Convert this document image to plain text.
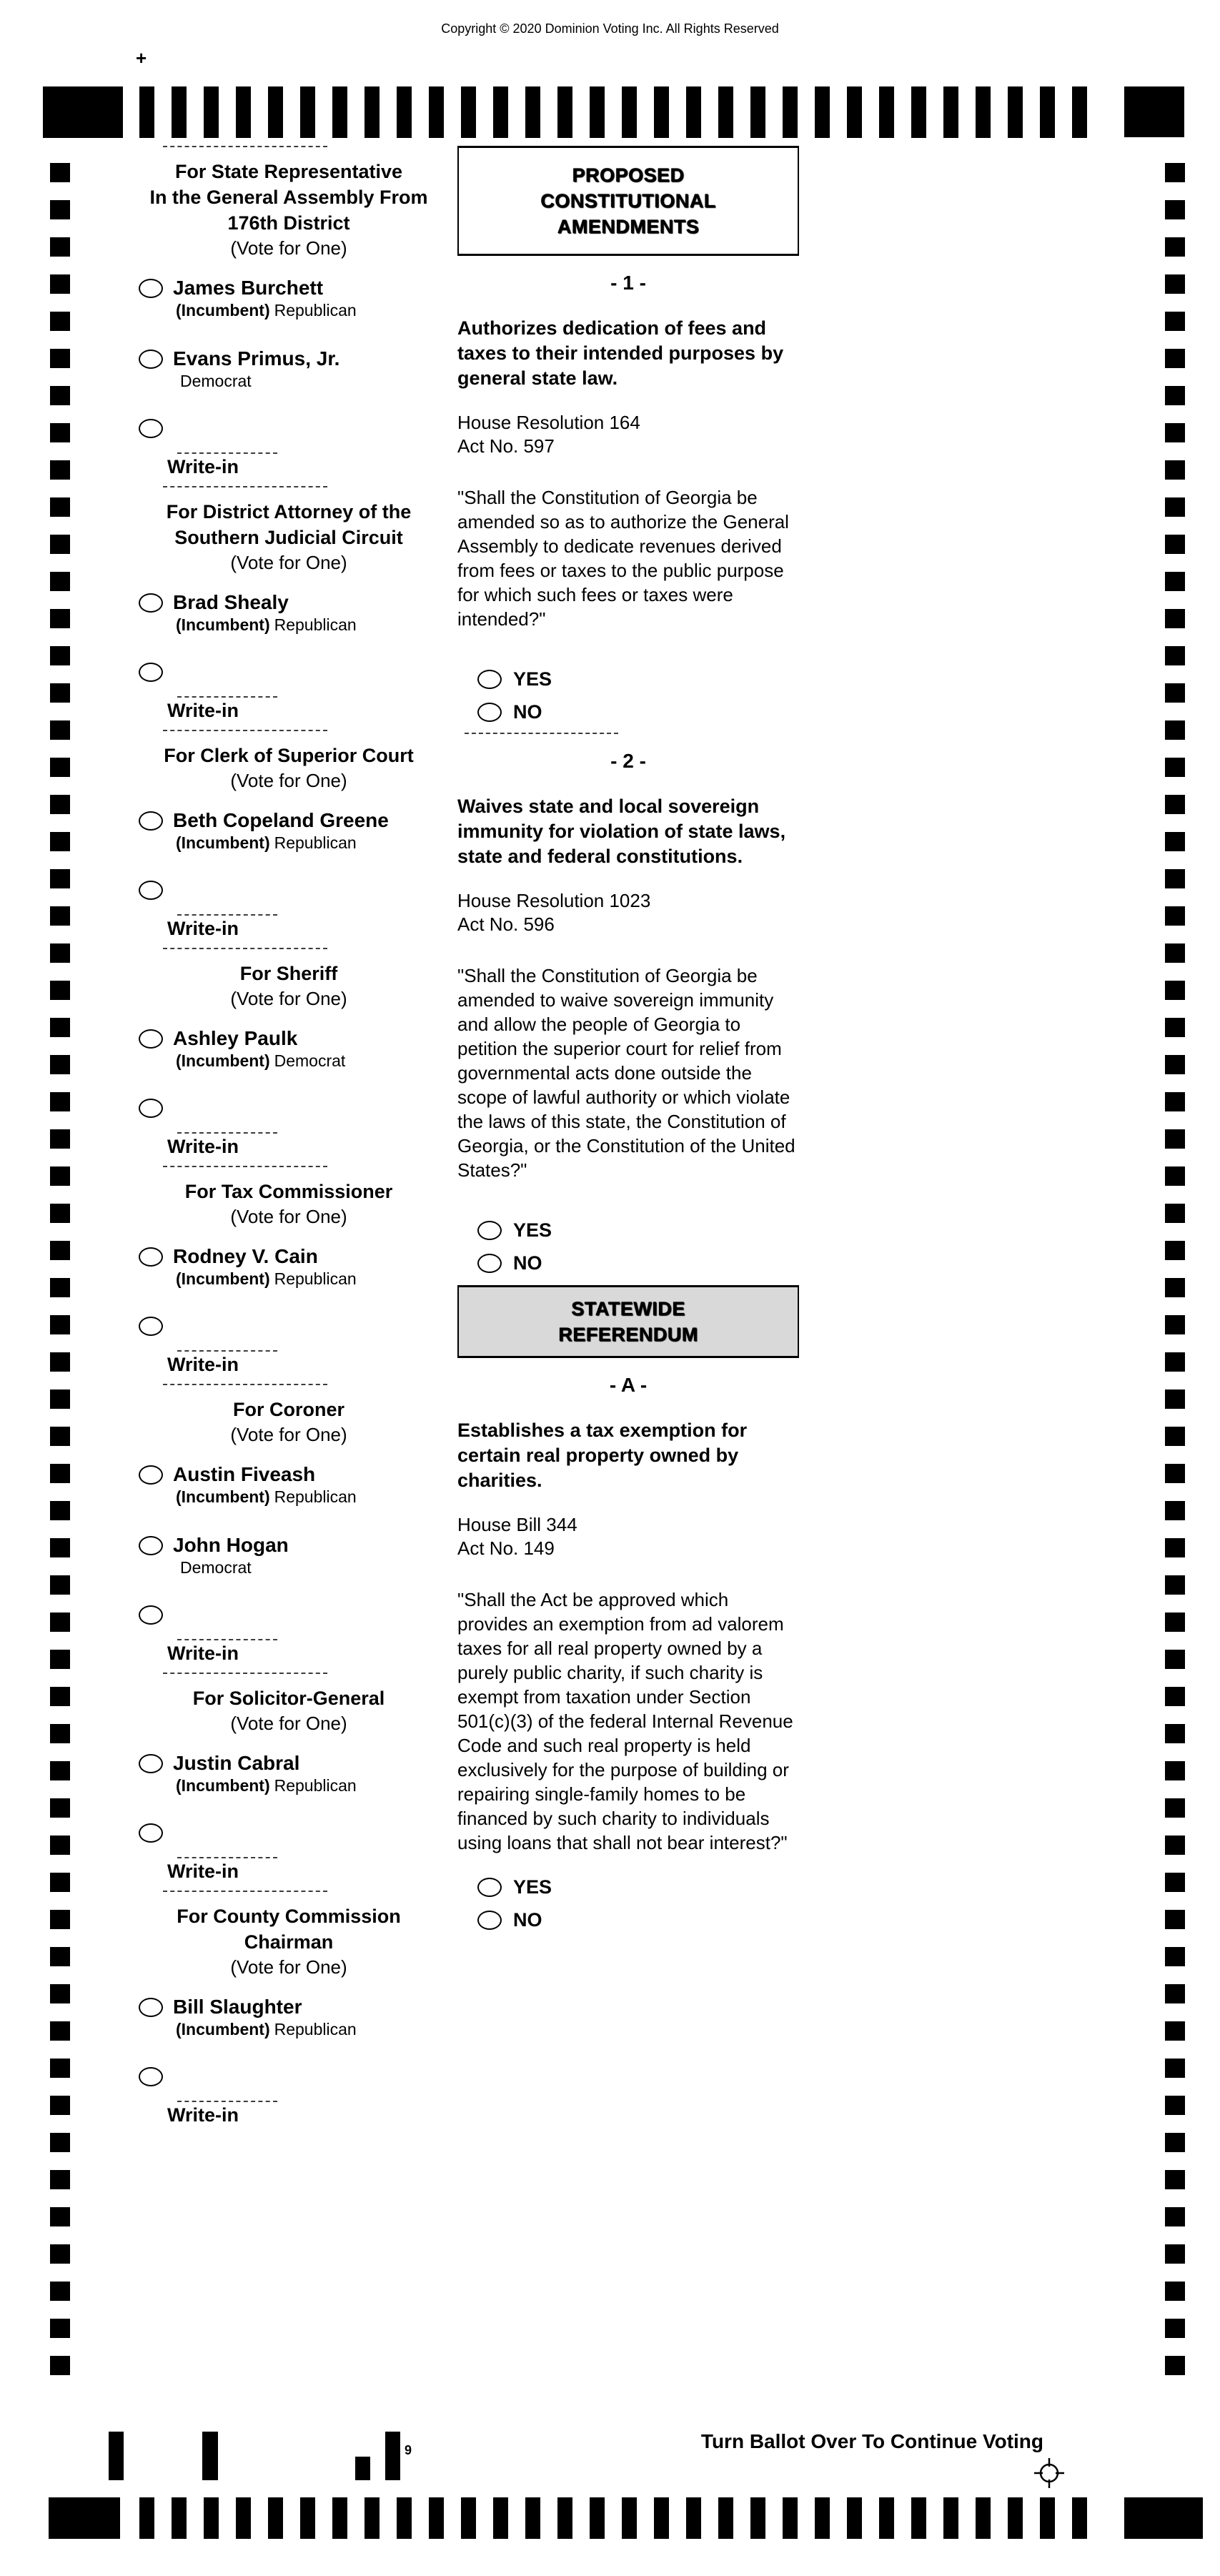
Copyright © 2020 Dominion Voting Inc. All Rights Reserved
+
For State Representative
In the General Assembly From
176th District
(Vote for One)
James Burchett
(Incumbent) Republican
Evans Primus, Jr.
Democrat
Write-in
For District Attorney of the
Southern Judicial Circuit
(Vote for One)
Brad Shealy
(Incumbent) Republican
Write-in
For Clerk of Superior Court
(Vote for One)
Beth Copeland Greene
(Incumbent) Republican
Write-in
For Sheriff
(Vote for One)
Ashley Paulk
(Incumbent) Democrat
Write-in
For Tax Commissioner
(Vote for One)
Rodney V. Cain
(Incumbent) Republican
Write-in
For Coroner
(Vote for One)
Austin Fiveash
(Incumbent) Republican
John Hogan
Democrat
Write-in
For Solicitor-General
(Vote for One)
Justin Cabral
(Incumbent) Republican
Write-in
For County Commission
Chairman
(Vote for One)
Bill Slaughter
(Incumbent) Republican
Write-in
PROPOSED
CONSTITUTIONAL
AMENDMENTS
- 1 -
Authorizes dedication of fees and taxes to their intended purposes by general state law.
House Resolution 164
Act No. 597
"Shall the Constitution of Georgia be amended so as to authorize the General Assembly to dedicate revenues derived from fees or taxes to the public purpose for which such fees or taxes were intended?"
YES
NO
- 2 -
Waives state and local sovereign immunity for violation of state laws, state and federal constitutions.
House Resolution 1023
Act No. 596
"Shall the Constitution of Georgia be amended to waive sovereign immunity and allow the people of Georgia to petition the superior court for relief from governmental acts done outside the scope of lawful authority or which violate the laws of this state, the Constitution of Georgia, or the Constitution of the United States?"
YES
NO
STATEWIDE
REFERENDUM
- A -
Establishes a tax exemption for certain real property owned by charities.
House Bill 344
Act No. 149
"Shall the Act be approved which provides an exemption from ad valorem taxes for all real property owned by a purely public charity, if such charity is exempt from taxation under Section 501(c)(3) of the federal Internal Revenue Code and such real property is held exclusively for the purpose of building or repairing single-family homes to be financed by such charity to individuals using loans that shall not bear interest?"
YES
NO
9	Turn Ballot Over To Continue Voting
